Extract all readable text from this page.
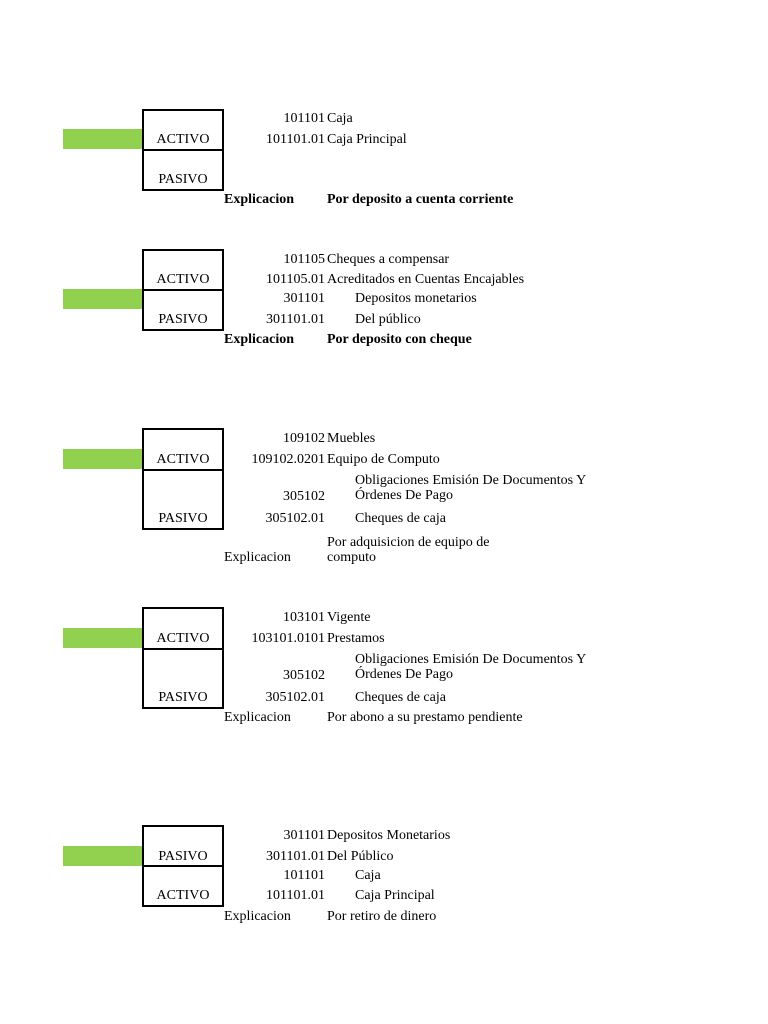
ACTIVO
PASIVO
101101 Caja
101101.01 Caja Principal
Explicacion Por deposito a cuenta corriente
ACTIVO
PASIVO
101105 Cheques a compensar
101105.01 Acreditados en Cuentas Encajables
301101 Depositos monetarios
301101.01 Del público
Explicacion Por deposito con cheque
ACTIVO
PASIVO
109102 Muebles
109102.0201 Equipo de Computo
305102
Obligaciones Emisión De Documentos Y
Órdenes De Pago
305102.01 Cheques de caja
Explicacion
Por adquisicion de equipo de
computo
ACTIVO
PASIVO
103101 Vigente
103101.0101 Prestamos
305102
Obligaciones Emisión De Documentos Y
Órdenes De Pago
305102.01 Cheques de caja
Explicacion	Por abono a su prestamo pendiente
PASIVO
ACTIVO
301101 Depositos Monetarios
301101.01 Del Público
101101 Caja
101101.01 Caja Principal
Explicacion	Por retiro de dinero
